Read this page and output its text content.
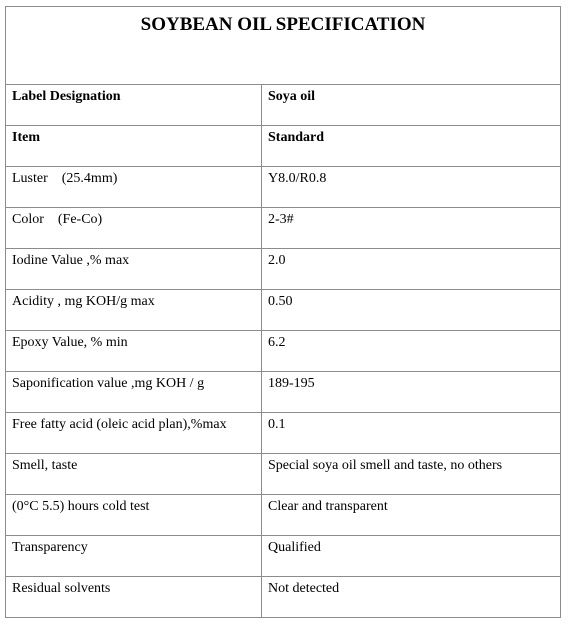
SOYBEAN OIL SPECIFICATION	
Label Designation	Soya oil
Item	Standard
Luster　(25.4mm)	Y8.0/R0.8
Color　(Fe-Co)	2-3#
Iodine Value ,% max	2.0
Acidity , mg KOH/g max	0.50
Epoxy Value, % min	6.2
Saponification value ,mg KOH / g	189-195
Free fatty acid (oleic acid plan),%max	0.1
Smell, taste	Special soya oil smell and taste, no others
(0°C 5.5) hours cold test	Clear and transparent
Transparency	Qualified
Residual solvents	Not detected
